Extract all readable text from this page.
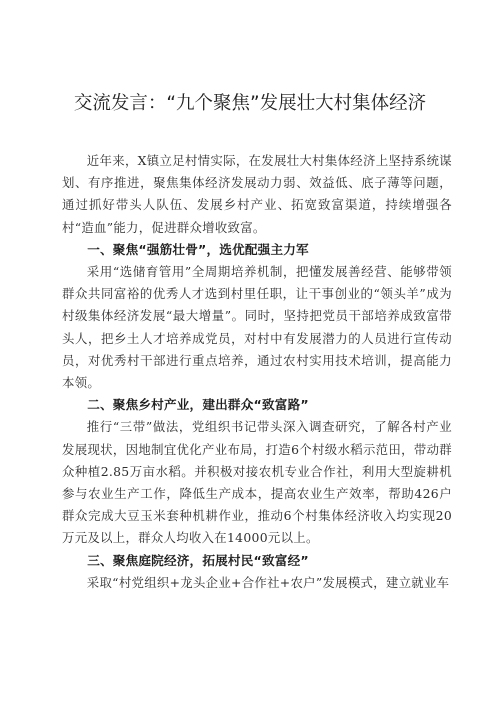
交流发言：“九个聚焦”发展壮大村集体经济

近年来，X镇立足村情实际，在发展壮大村集体经济上坚持系统谋划、有序推进，聚焦集体经济发展动力弱、效益低、底子薄等问题，通过抓好带头人队伍、发展乡村产业、拓宽致富渠道，持续增强各村“造血”能力，促进群众增收致富。

一、聚焦“强筋壮骨”，选优配强主力军

采用“选储育管用”全周期培养机制，把懂发展善经营、能够带领群众共同富裕的优秀人才选到村里任职，让干事创业的“领头羊”成为村级集体经济发展“最大增量”。同时，坚持把党员干部培养成致富带头人，把乡土人才培养成党员，对村中有发展潜力的人员进行宣传动员，对优秀村干部进行重点培养，通过农村实用技术培训，提高能力本领。

二、聚焦乡村产业，建出群众“致富路”

推行“三带”做法，党组织书记带头深入调查研究，了解各村产业发展现状，因地制宜优化产业布局，打造6个村级水稻示范田，带动群众种植2.85万亩水稻。并积极对接农机专业合作社，利用大型旋耕机参与农业生产工作，降低生产成本，提高农业生产效率，帮助426户群众完成大豆玉米套种机耕作业，推动6个村集体经济收入均实现20万元及以上，群众人均收入在14000元以上。

三、聚焦庭院经济，拓展村民“致富经”

采取“村党组织+龙头企业+合作社+农户”发展模式，建立就业车
